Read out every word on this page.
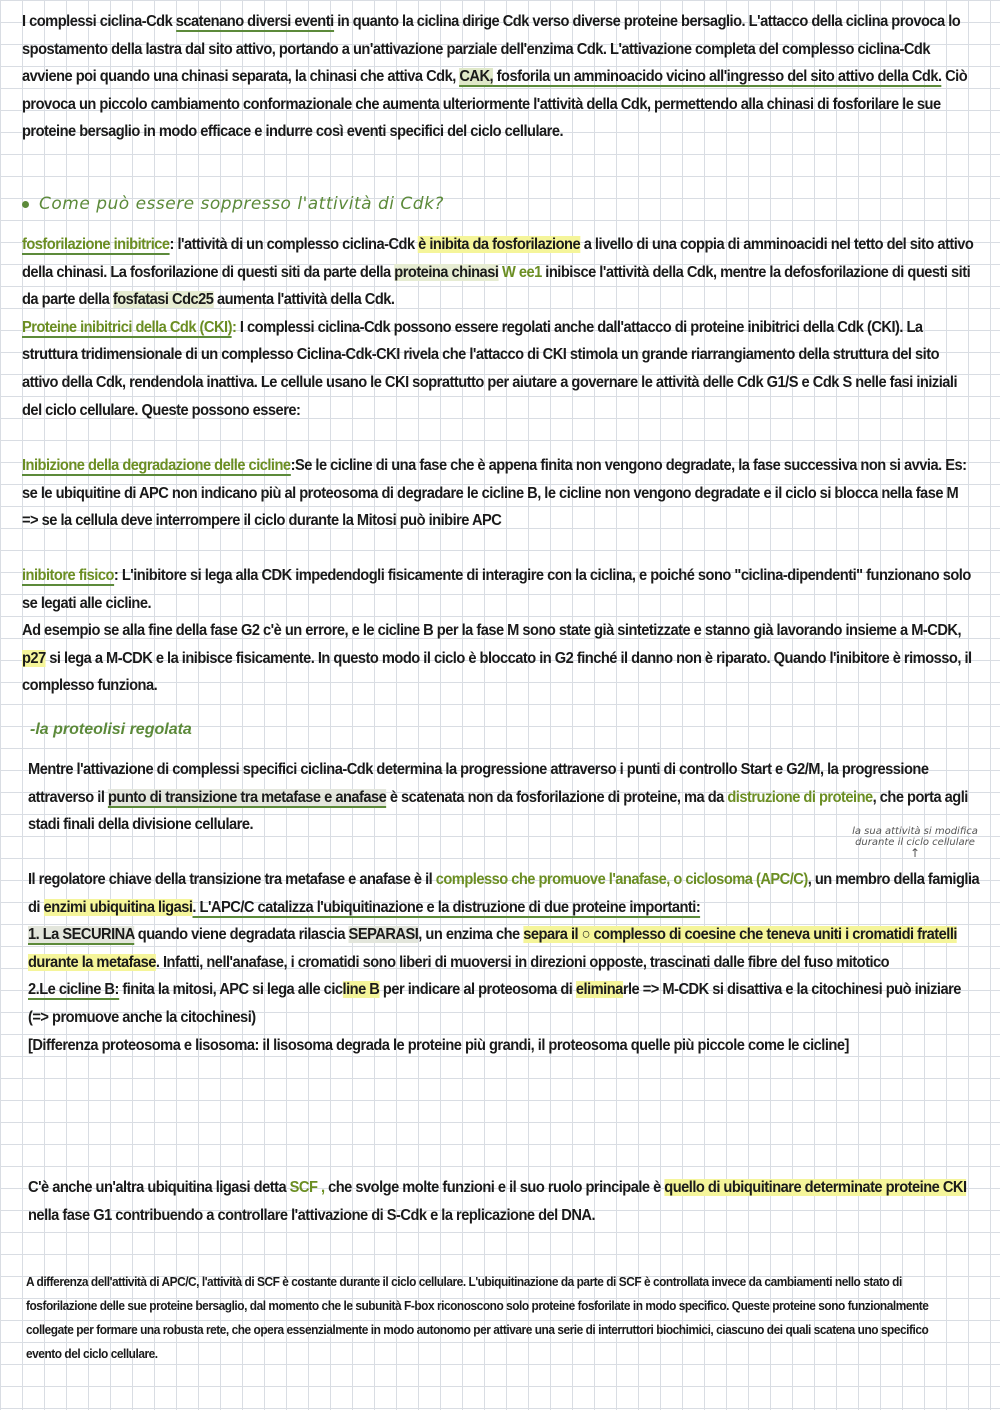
I complessi ciclina-Cdk scatenano diversi eventi in quanto la ciclina dirige Cdk verso diverse proteine bersaglio. L'attacco della ciclina provoca lo spostamento della lastra dal sito attivo, portando a un'attivazione parziale dell'enzima Cdk. L'attivazione completa del complesso ciclina-Cdk avviene poi quando una chinasi separata, la chinasi che attiva Cdk, CAK, fosforila un amminoacido vicino all'ingresso del sito attivo della Cdk. Ciò provoca un piccolo cambiamento conformazionale che aumenta ulteriormente l'attività della Cdk, permettendo alla chinasi di fosforilare le sue proteine bersaglio in modo efficace e indurre così eventi specifici del ciclo cellulare.

Come può essere soppresso l'attività di Cdk?

fosforilazione inibitrice: l'attività di un complesso ciclina-Cdk è inibita da fosforilazione a livello di una coppia di amminoacidi nel tetto del sito attivo della chinasi. La fosforilazione di questi siti da parte della proteina chinasi W ee1 inibisce l'attività della Cdk, mentre la defosforilazione di questi siti da parte della fosfatasi Cdc25 aumenta l'attività della Cdk.

Proteine inibitrici della Cdk (CKI): I complessi ciclina-Cdk possono essere regolati anche dall'attacco di proteine inibitrici della Cdk (CKI). La struttura tridimensionale di un complesso Ciclina-Cdk-CKI rivela che l'attacco di CKI stimola un grande riarrangiamento della struttura del sito attivo della Cdk, rendendola inattiva. Le cellule usano le CKI soprattutto per aiutare a governare le attività delle Cdk G1/S e Cdk S nelle fasi iniziali del ciclo cellulare. Queste possono essere:

Inibizione della degradazione delle cicline:Se le cicline di una fase che è appena finita non vengono degradate, la fase successiva non si avvia. Es: se le ubiquitine di APC non indicano più al proteosoma di degradare le cicline B, le cicline non vengono degradate e il ciclo si blocca nella fase M => se la cellula deve interrompere il ciclo durante la Mitosi può inibire APC

inibitore fisico: L'inibitore si lega alla CDK impedendogli fisicamente di interagire con la ciclina, e poiché sono "ciclina-dipendenti" funzionano solo se legati alle cicline.

Ad esempio se alla fine della fase G2 c'è un errore, e le cicline B per la fase M sono state già sintetizzate e stanno già lavorando insieme a M-CDK, p27 si lega a M-CDK e la inibisce fisicamente. In questo modo il ciclo è bloccato in G2 finché il danno non è riparato. Quando l'inibitore è rimosso, il complesso funziona.

-la proteolisi regolata

Mentre l'attivazione di complessi specifici ciclina-Cdk determina la progressione attraverso i punti di controllo Start e G2/M, la progressione attraverso il punto di transizione tra metafase e anafase è scatenata non da fosforilazione di proteine, ma da distruzione di proteine, che porta agli stadi finali della divisione cellulare.	la sua attività si modifica durante il ciclo cellulare
↑

Il regolatore chiave della transizione tra metafase e anafase è il complesso che promuove l'anafase, o ciclosoma (APC/C), un membro della famiglia di enzimi ubiquitina ligasi. L'APC/C catalizza l'ubiquitinazione e la distruzione di due proteine importanti:

1. La SECURINA quando viene degradata rilascia SEPARASI, un enzima che separa il ○ complesso di coesine che teneva uniti i cromatidi fratelli durante la metafase. Infatti, nell'anafase, i cromatidi sono liberi di muoversi in direzioni opposte, trascinati dalle fibre del fuso mitotico

2.Le cicline B: finita la mitosi, APC si lega alle cicline B per indicare al proteosoma di eliminarle => M-CDK si disattiva e la citochinesi può iniziare (=> promuove anche la citochinesi)

[Differenza proteosoma e lisosoma: il lisosoma degrada le proteine più grandi, il proteosoma quelle più piccole come le cicline]

C'è anche un'altra ubiquitina ligasi detta SCF , che svolge molte funzioni e il suo ruolo principale è quello di ubiquitinare determinate proteine CKI nella fase G1 contribuendo a controllare l'attivazione di S-Cdk e la replicazione del DNA.

A differenza dell'attività di APC/C, l'attività di SCF è costante durante il ciclo cellulare. L'ubiquitinazione da parte di SCF è controllata invece da cambiamenti nello stato di fosforilazione delle sue proteine bersaglio, dal momento che le subunità F-box riconoscono solo proteine fosforilate in modo specifico. Queste proteine sono funzionalmente collegate per formare una robusta rete, che opera essenzialmente in modo autonomo per attivare una serie di interruttori biochimici, ciascuno dei quali scatena uno specifico evento del ciclo cellulare.
